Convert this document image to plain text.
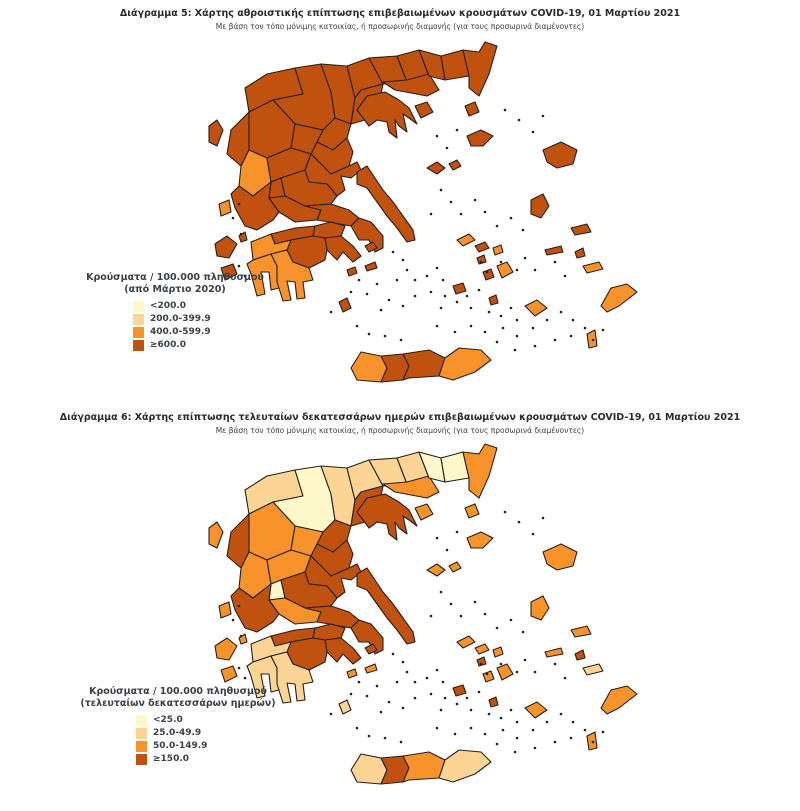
Διάγραμμα 5: Χάρτης αθροιστικής επίπτωσης επιβεβαιωμένων κρουσμάτων COVID-19, 01 Μαρτίου 2021
Με βάση τον τόπο μόνιμης κατοικίας, ή προσωρινής διαμονής (για τους προσωρινά διαμένοντες)
Κρούσματα / 100.000 πληθυσμού
(από Μάρτιο 2020)
<200.0
200.0-399.9
400.0-599.9
≥600.0
Διάγραμμα 6: Χάρτης επίπτωσης τελευταίων δεκατεσσάρων ημερών επιβεβαιωμένων κρουσμάτων COVID-19, 01 Μαρτίου 2021
Με βάση τον τόπο μόνιμης κατοικίας, ή προσωρινής διαμονής (για τους προσωρινά διαμένοντες)
Κρούσματα / 100.000 πληθυσμού
(τελευταίων δεκατεσσάρων ημερών)
<25.0
25.0-49.9
50.0-149.9
≥150.0
